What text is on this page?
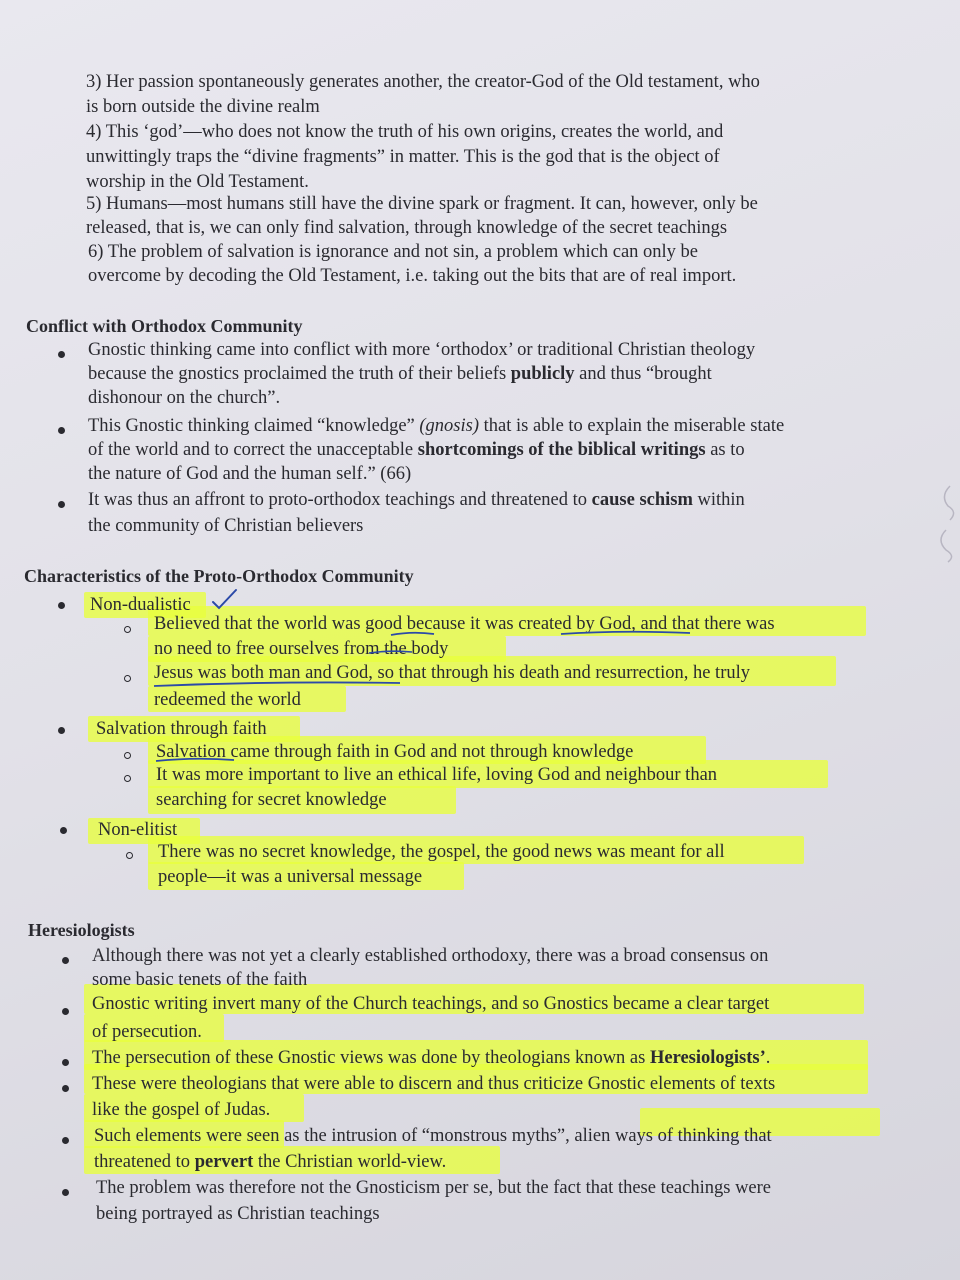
3) Her passion spontaneously generates another, the creator-God of the Old testament, who
is born outside the divine realm
4) This ‘god’—who does not know the truth of his own origins, creates the world, and
unwittingly traps the “divine fragments” in matter. This is the god that is the object of
worship in the Old Testament.
5) Humans—most humans still have the divine spark or fragment. It can, however, only be
released, that is, we can only find salvation, through knowledge of the secret teachings
6) The problem of salvation is ignorance and not sin, a problem which can only be
overcome by decoding the Old Testament, i.e. taking out the bits that are of real import.
Conflict with Orthodox Community
Gnostic thinking came into conflict with more ‘orthodox’ or traditional Christian theology
because the gnostics proclaimed the truth of their beliefs publicly and thus “brought
dishonour on the church”.
This Gnostic thinking claimed “knowledge” (gnosis) that is able to explain the miserable state
of the world and to correct the unacceptable shortcomings of the biblical writings as to
the nature of God and the human self.” (66)
It was thus an affront to proto-orthodox teachings and threatened to cause schism within
the community of Christian believers
Characteristics of the Proto-Orthodox Community
Non-dualistic
Believed that the world was good because it was created by God, and that there was
no need to free ourselves from the body
Jesus was both man and God, so that through his death and resurrection, he truly
redeemed the world
Salvation through faith
Salvation came through faith in God and not through knowledge
It was more important to live an ethical life, loving God and neighbour than
searching for secret knowledge
Non-elitist
There was no secret knowledge, the gospel, the good news was meant for all
people—it was a universal message
Heresiologists
Although there was not yet a clearly established orthodoxy, there was a broad consensus on
some basic tenets of the faith
Gnostic writing invert many of the Church teachings, and so Gnostics became a clear target
of persecution.
The persecution of these Gnostic views was done by theologians known as Heresiologists’.
These were theologians that were able to discern and thus criticize Gnostic elements of texts
like the gospel of Judas.
Such elements were seen as the intrusion of “monstrous myths”, alien ways of thinking that
threatened to pervert the Christian world-view.
The problem was therefore not the Gnosticism per se, but the fact that these teachings were
being portrayed as Christian teachings
